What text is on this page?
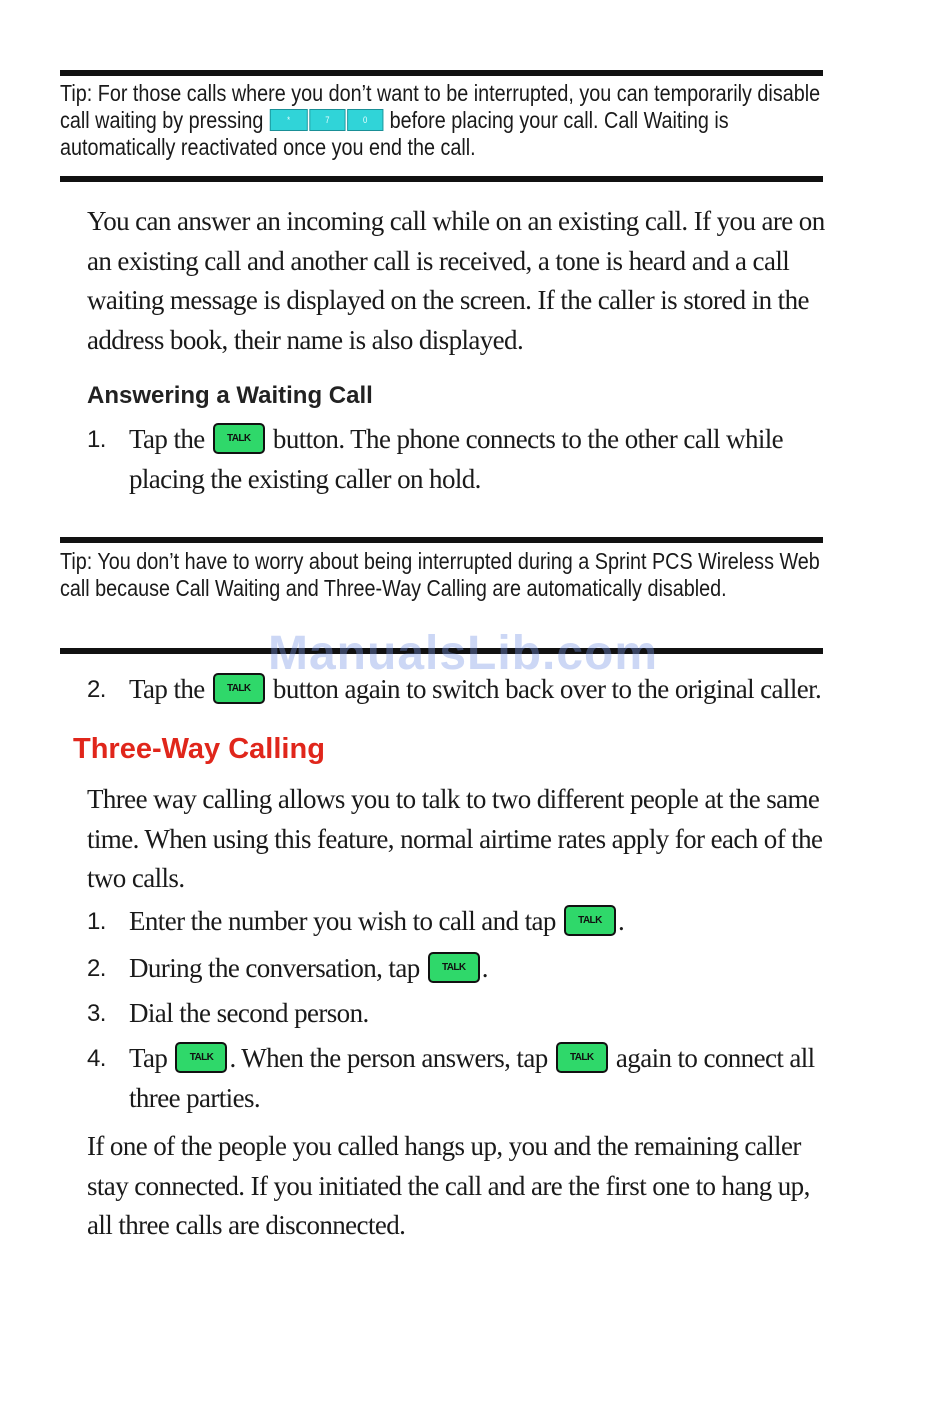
Tip: For those calls where you don’t want to be interrupted, you can temporarily disable call waiting by pressing *	7	0 before placing your call. Call Waiting is automatically reactivated once you end the call.
You can answer an incoming call while on an existing call. If you are on an existing call and another call is received, a tone is heard and a call waiting message is displayed on the screen. If the caller is stored in the address book, their name is also displayed.
Answering a Waiting Call
1. Tap the TALK button. The phone connects to the other call while placing the existing caller on hold.
Tip: You don’t have to worry about being interrupted during a Sprint PCS Wireless Web call because Call Waiting and Three-Way Calling are automatically disabled.
ManualsLib.com
2. Tap the TALK button again to switch back over to the original caller.
Three-Way Calling
Three way calling allows you to talk to two different people at the same time. When using this feature, normal airtime rates apply for each of the two calls.
1. Enter the number you wish to call and tap TALK .
2. During the conversation, tap TALK .
3. Dial the second person.
4. Tap TALK . When the person answers, tap TALK again to connect all three parties.
If one of the people you called hangs up, you and the remaining caller stay connected. If you initiated the call and are the first one to hang up, all three calls are disconnected.
